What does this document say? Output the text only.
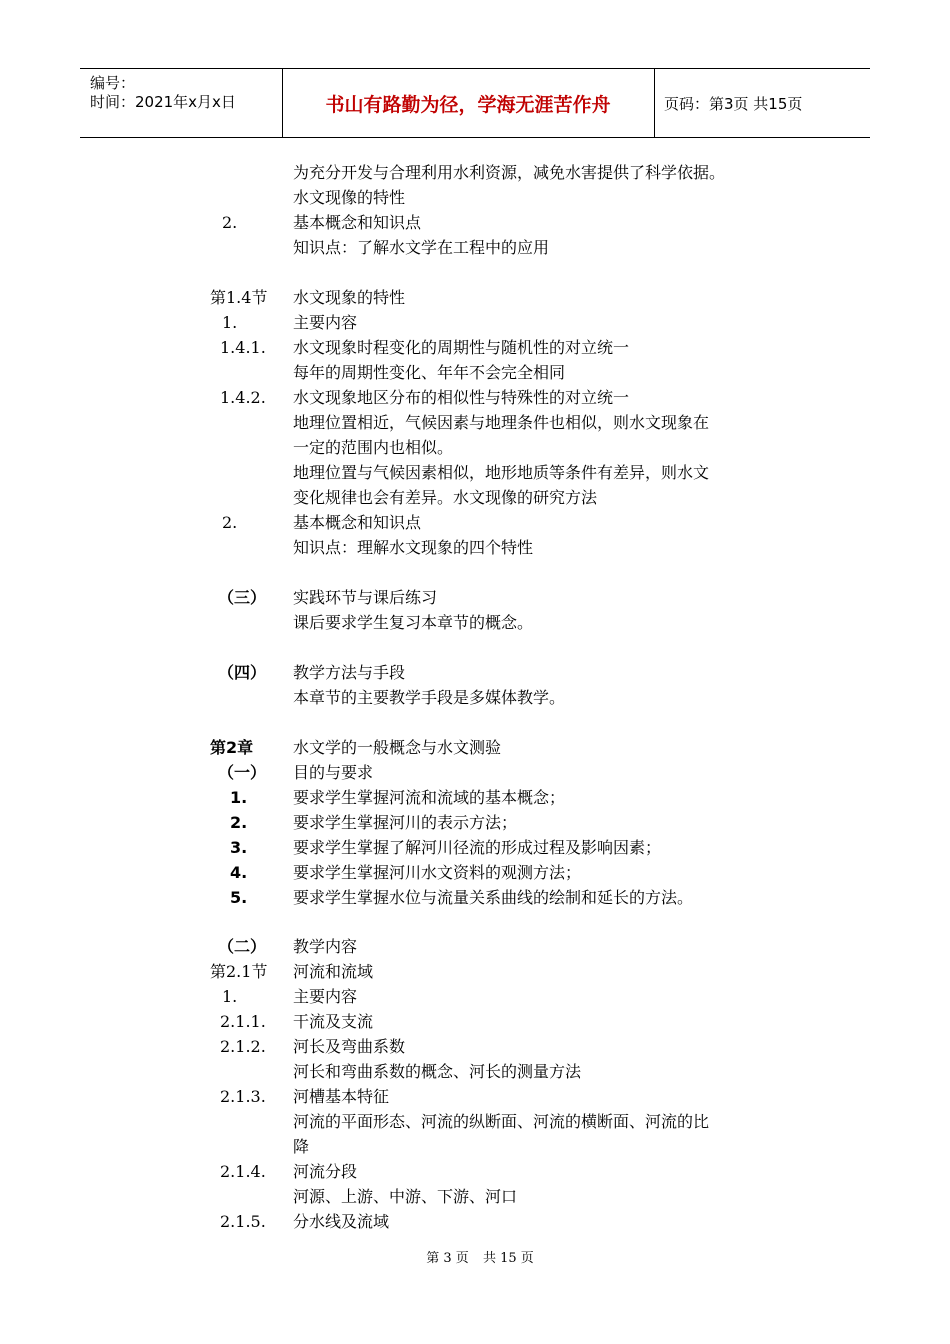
编号：
时间：2021年x月x日	书山有路勤为径，学海无涯苦作舟	页码：第3页 共15页
为充分开发与合理利用水利资源，减免水害提供了科学依据。
水文现像的特性
2.	基本概念和知识点
知识点：了解水文学在工程中的应用
第1.4节 水文现象的特性
1.	主要内容
1.4.1. 水文现象时程变化的周期性与随机性的对立统一
每年的周期性变化、年年不会完全相同
1.4.2. 水文现象地区分布的相似性与特殊性的对立统一
地理位置相近，气候因素与地理条件也相似，则水文现象在
一定的范围内也相似。
地理位置与气候因素相似，地形地质等条件有差异，则水文
变化规律也会有差异。水文现像的研究方法
2.	基本概念和知识点
知识点：理解水文现象的四个特性
（三） 实践环节与课后练习
课后要求学生复习本章节的概念。
（四） 教学方法与手段
本章节的主要教学手段是多媒体教学。
第2章 水文学的一般概念与水文测验
（一） 目的与要求
1.	要求学生掌握河流和流域的基本概念；
2.	要求学生掌握河川的表示方法；
3.	要求学生掌握了解河川径流的形成过程及影响因素；
4.	要求学生掌握河川水文资料的观测方法；
5.	要求学生掌握水位与流量关系曲线的绘制和延长的方法。
（二） 教学内容
第2.1节 河流和流域
1.	主要内容
2.1.1. 干流及支流
2.1.2. 河长及弯曲系数
河长和弯曲系数的概念、河长的测量方法
2.1.3. 河槽基本特征
河流的平面形态、河流的纵断面、河流的横断面、河流的比
降
2.1.4. 河流分段
河源、上游、中游、下游、河口
2.1.5. 分水线及流域
第 3 页 共 15 页
